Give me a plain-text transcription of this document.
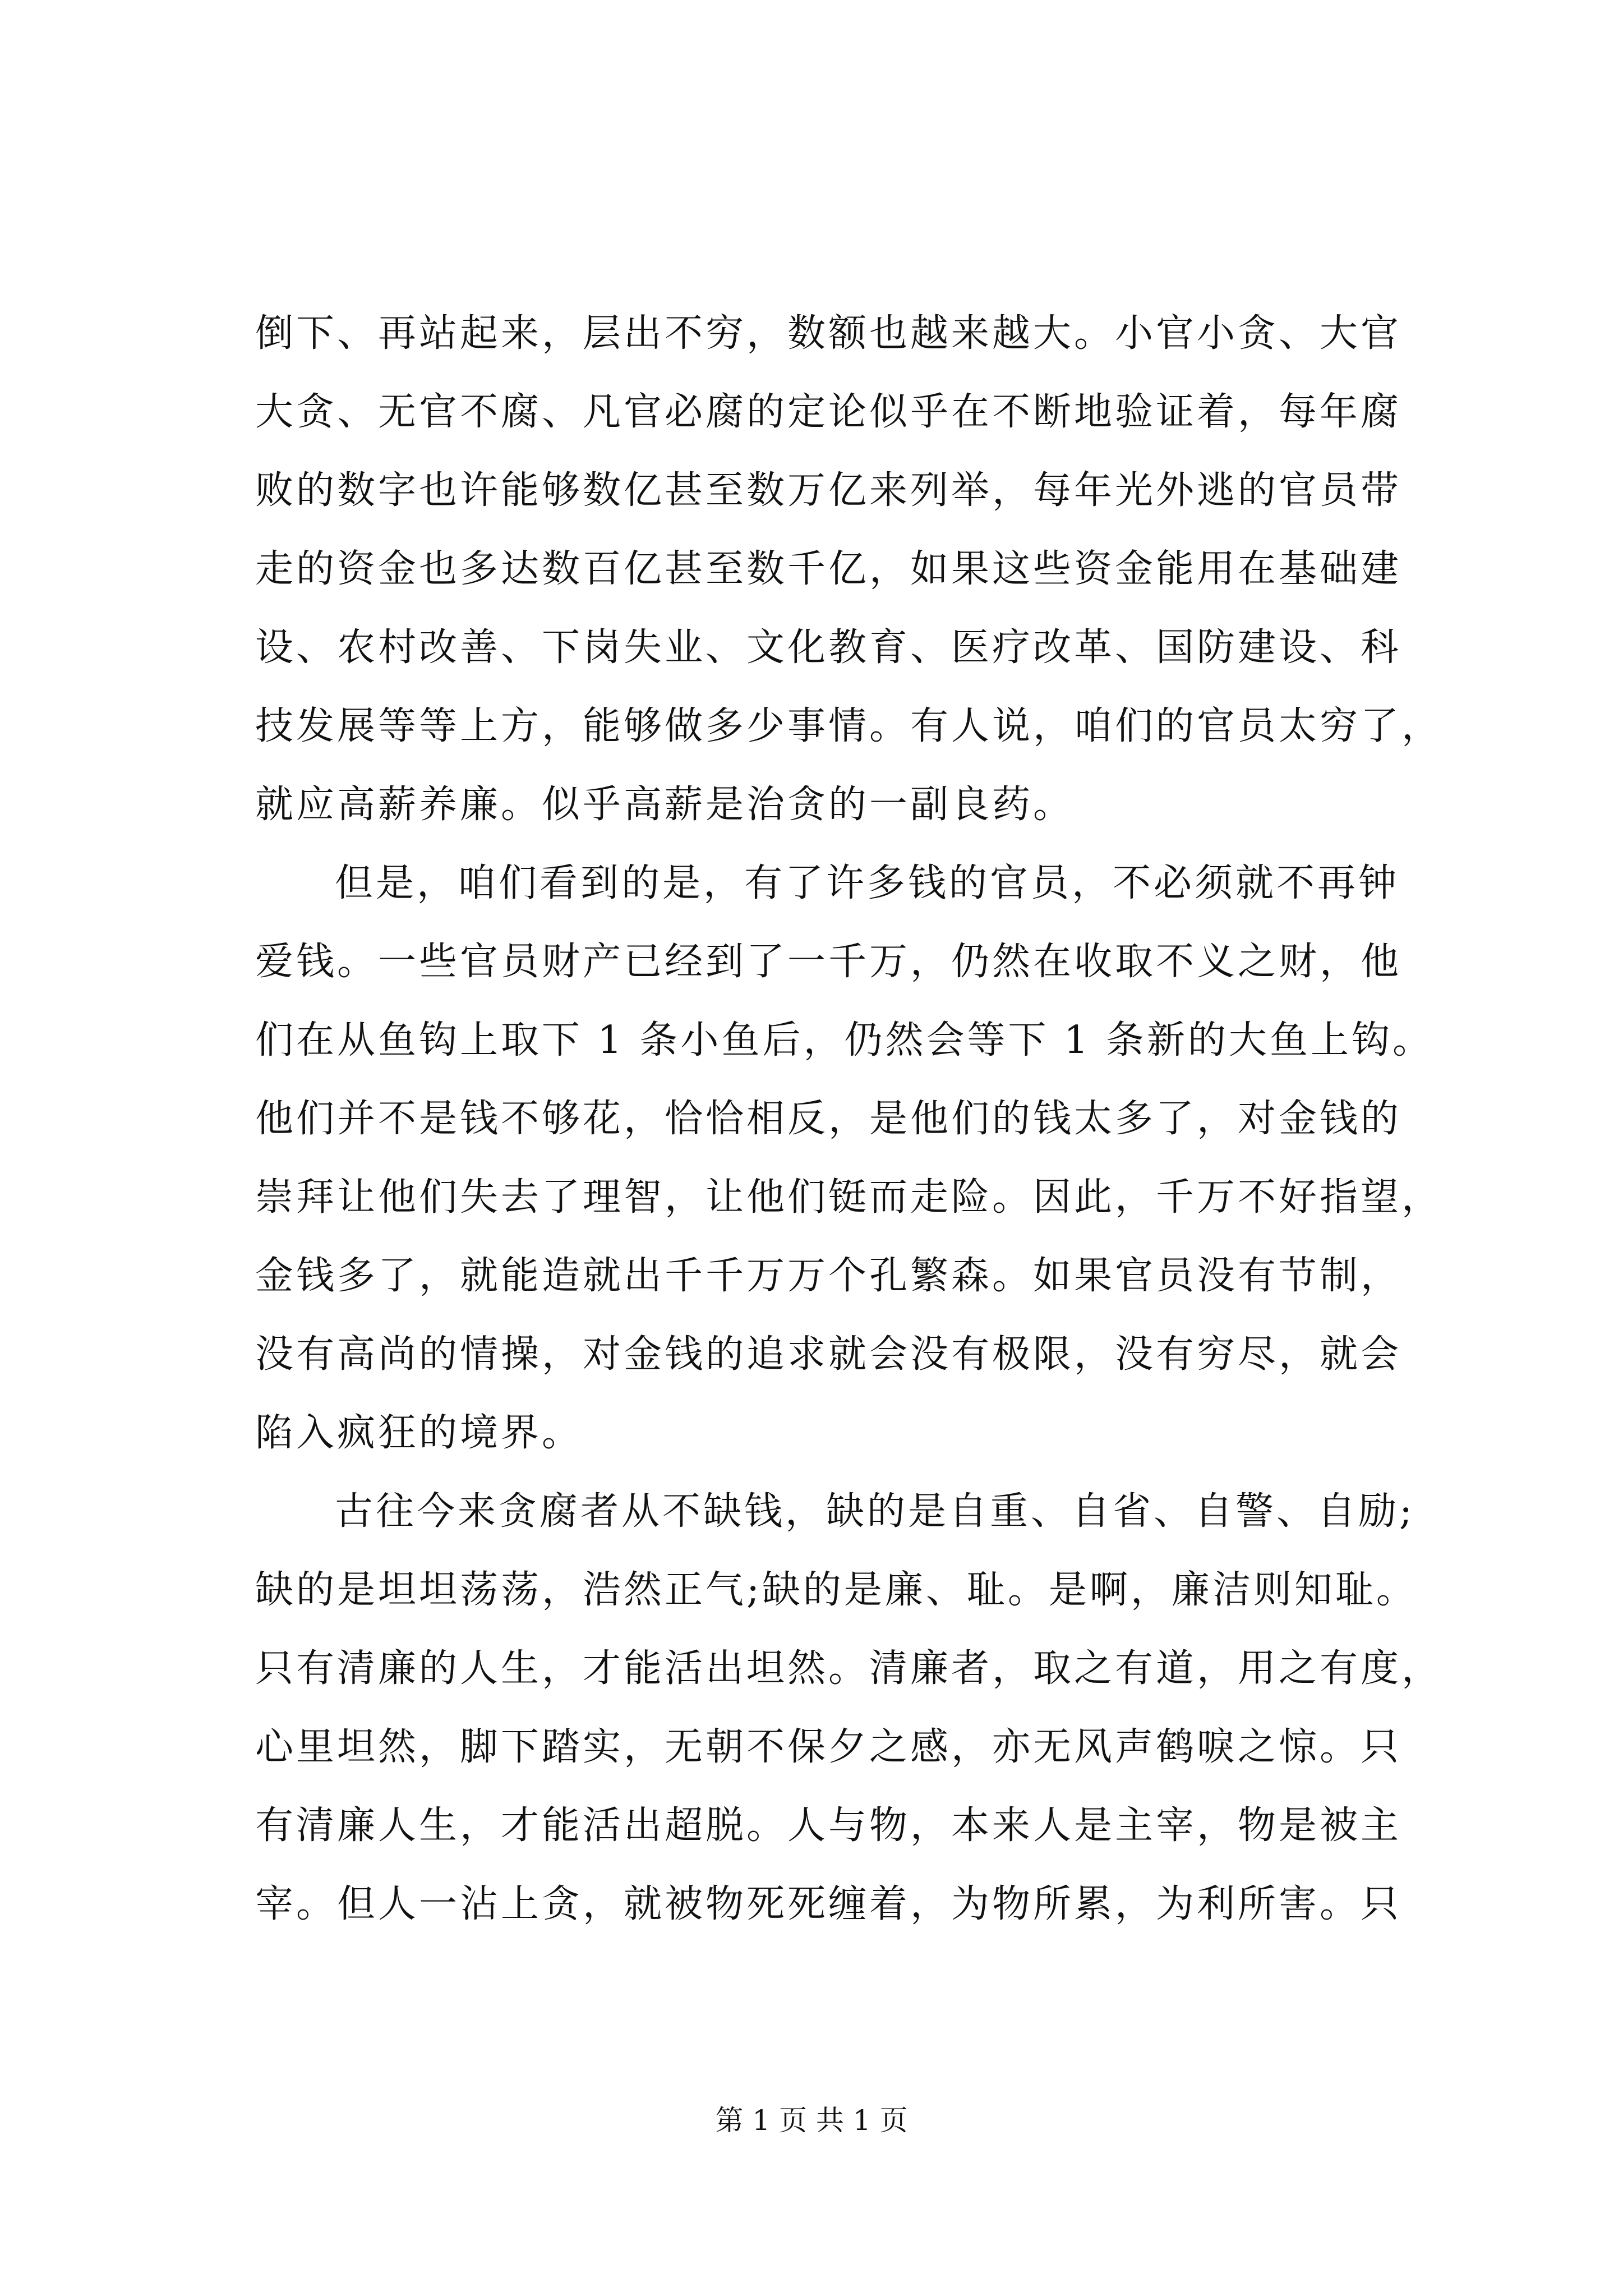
倒下、再站起来，层出不穷，数额也越来越大。小官小贪、大官
大贪、无官不腐、凡官必腐的定论似乎在不断地验证着，每年腐
败的数字也许能够数亿甚至数万亿来列举，每年光外逃的官员带
走的资金也多达数百亿甚至数千亿，如果这些资金能用在基础建
设、农村改善、下岗失业、文化教育、医疗改革、国防建设、科
技发展等等上方，能够做多少事情。有人说，咱们的官员太穷了，
就应高薪养廉。似乎高薪是治贪的一副良药。
但是，咱们看到的是，有了许多钱的官员，不必须就不再钟
爱钱。一些官员财产已经到了一千万，仍然在收取不义之财，他
们在从鱼钩上取下 1 条小鱼后，仍然会等下 1 条新的大鱼上钩。
他们并不是钱不够花，恰恰相反，是他们的钱太多了，对金钱的
崇拜让他们失去了理智，让他们铤而走险。因此，千万不好指望，
金钱多了，就能造就出千千万万个孔繁森。如果官员没有节制，
没有高尚的情操，对金钱的追求就会没有极限，没有穷尽，就会
陷入疯狂的境界。
古往今来贪腐者从不缺钱，缺的是自重、自省、自警、自励;
缺的是坦坦荡荡，浩然正气;缺的是廉、耻。是啊，廉洁则知耻。
只有清廉的人生，才能活出坦然。清廉者，取之有道，用之有度，
心里坦然，脚下踏实，无朝不保夕之感，亦无风声鹤唳之惊。只
有清廉人生，才能活出超脱。人与物，本来人是主宰，物是被主
宰。但人一沾上贪，就被物死死缠着，为物所累，为利所害。只
第 1 页 共 1 页
